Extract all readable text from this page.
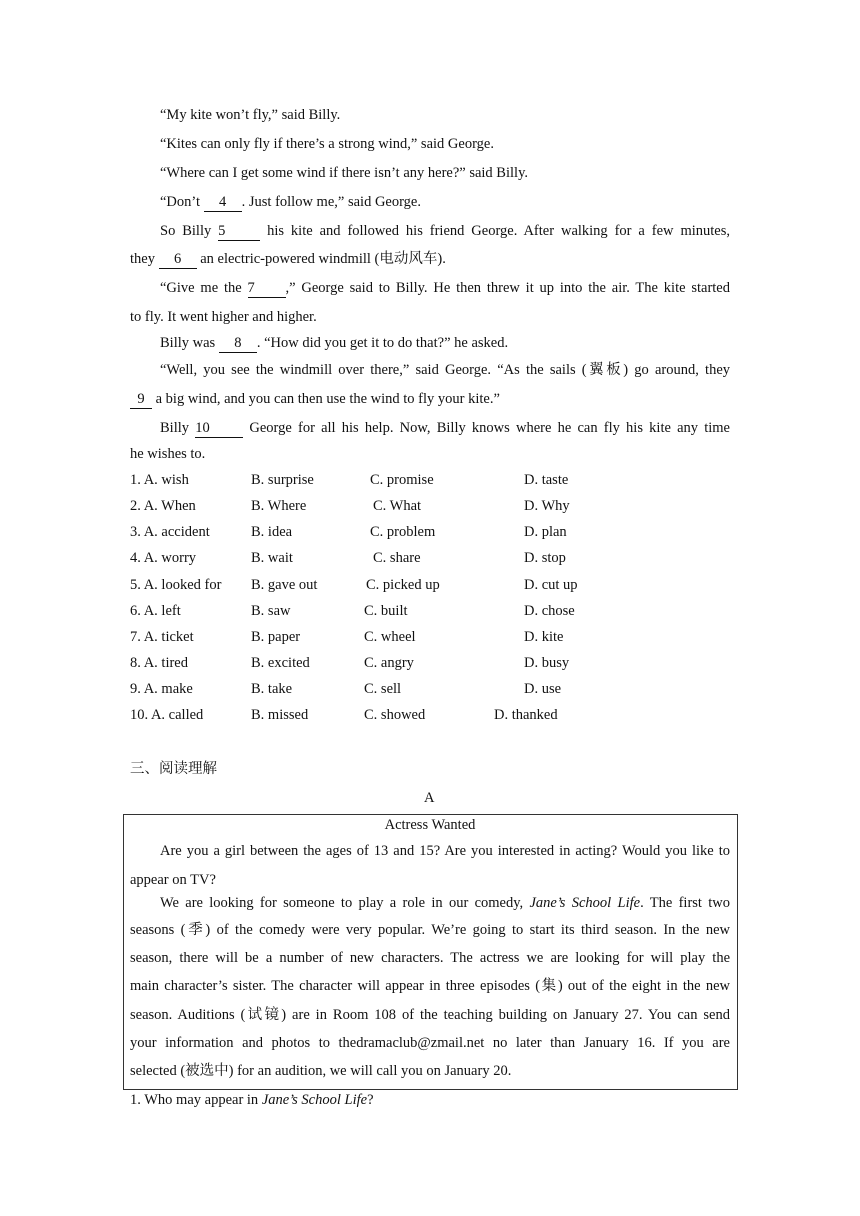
“My kite won’t fly,” said Billy.
“Kites can only fly if there’s a strong wind,” said George.
“Where can I get some wind if there isn’t any here?” said Billy.
“Don’t 4 . Just follow me,” said George.
So Billy 5 his kite and followed his friend George. After walking for a few minutes,
they 6 an electric-powered windmill (电动风车).
“Give me the 7 ,” George said to Billy. He then threw it up into the air. The kite started
to fly. It went higher and higher.
Billy was 8 . “How did you get it to do that?” he asked.
“Well, you see the windmill over there,” said George. “As the sails (翼板) go around, they
9 a big wind, and you can then use the wind to fly your kite.”
Billy 10 George for all his help. Now, Billy knows where he can fly his kite any time
he wishes to.
1. A. wish	B. surprise	C. promise	D. taste
2. A. When	B. Where	C. What	D. Why
3. A. accident	B. idea	C. problem	D. plan
4. A. worry	B. wait	C. share	D. stop
5. A. looked for B. gave out	C. picked up	D. cut up
6. A. left	B. saw	C. built	D. chose
7. A. ticket	B. paper	C. wheel	D. kite
8. A. tired	B. excited	C. angry	D. busy
9. A. make	B. take	C. sell	D. use
10. A. called	B. missed	C. showed	D. thanked
三、阅读理解
A
Actress Wanted
Are you a girl between the ages of 13 and 15? Are you interested in acting? Would you like to
appear on TV?
We are looking for someone to play a role in our comedy, Jane’s School Life. The first two
seasons (季) of the comedy were very popular. We’re going to start its third season. In the new
season, there will be a number of new characters. The actress we are looking for will play the
main character’s sister. The character will appear in three episodes (集) out of the eight in the new
season. Auditions (试镜) are in Room 108 of the teaching building on January 27. You can send
your information and photos to thedramaclub@zmail.net no later than January 16. If you are
selected (被选中) for an audition, we will call you on January 20.
1. Who may appear in Jane’s School Life?
